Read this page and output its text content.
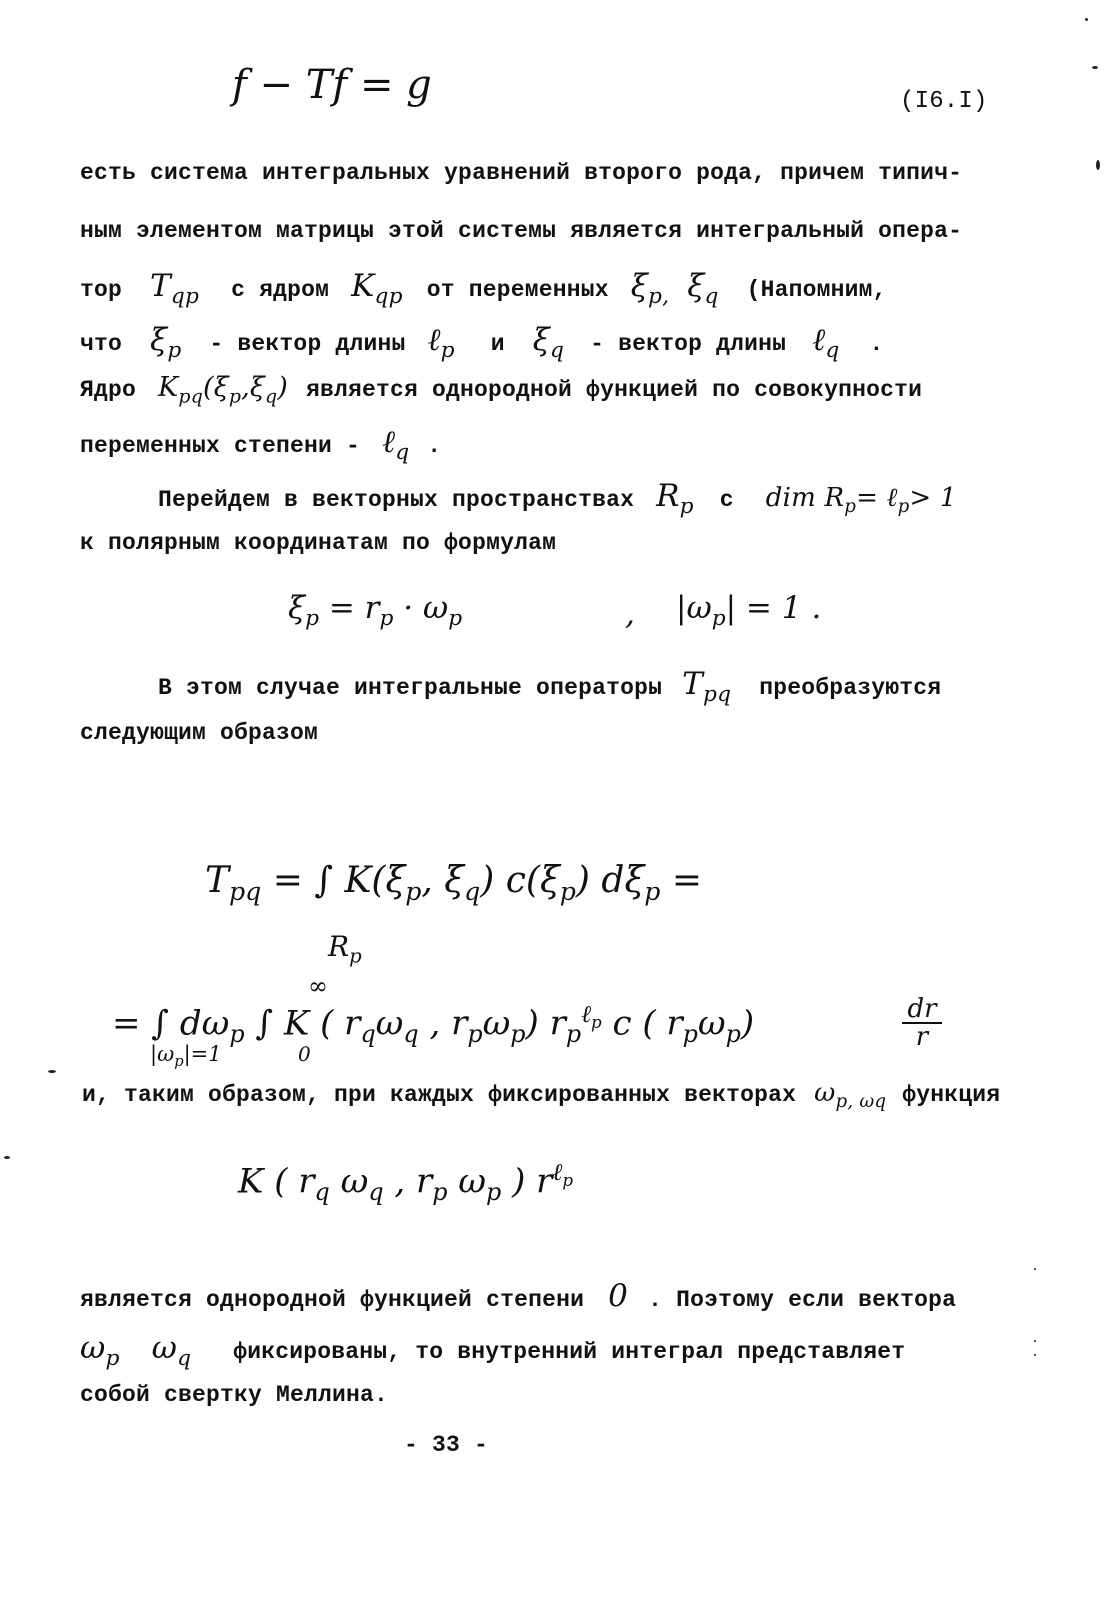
f − Tf = g	(I6.I)
есть система интегральных уравнений второго рода, причем типич-
ным элементом матрицы этой системы является интегральный опера-
тор $T_{qp}$ с ядром $K_{qp}$ от переменных $\xi_{p,}$ $\xi_q$ (Напомним,
что $\xi_p$ - вектор длины ℓ$_p$ и $\xi_q$ - вектор длины ℓ$_q$ .
Ядро $K_{pq}(\xi_p,\xi_q)$ является однородной функцией по совокупности
переменных степени - ℓ$_q$ .
Перейдем в векторных пространствах $R_p$ с dim $R_p=$ ℓ$_p$> 1
к полярным координатам по формулам
$\xi_p = r_p \cdot \omega_p$	, $|\omega_p| = 1$ .
В этом случае интегральные операторы $T_{pq}$ преобразуются
следующим образом
$T_{pq}$ = ∫ $K(\xi_p$, $\xi_q$) $c(\xi_p) d\xi_p$ =
$R_p$
∞
= ∫ $d\omega_p$ ∫ K ( $r_q\omega_q$ , $r_p\omega_p$) $r_p^{\ell_p}$ c ( $r_p\omega_p$)	$\frac{dr}{r}$
$|\omega_p|=1$	0
и, таким образом, при каждых фиксированных векторах $\omega_{p, \omega q}$ функция
K ( $r_q$ $\omega_q$ , $r_p$ $\omega_p$ ) $r^{\ell_p}$
является однородной функцией степени 0 . Поэтому если вектора
$\omega_p$ $\omega_q$ фиксированы, то внутренний интеграл представляет
собой свертку Меллина.
- 33 -
